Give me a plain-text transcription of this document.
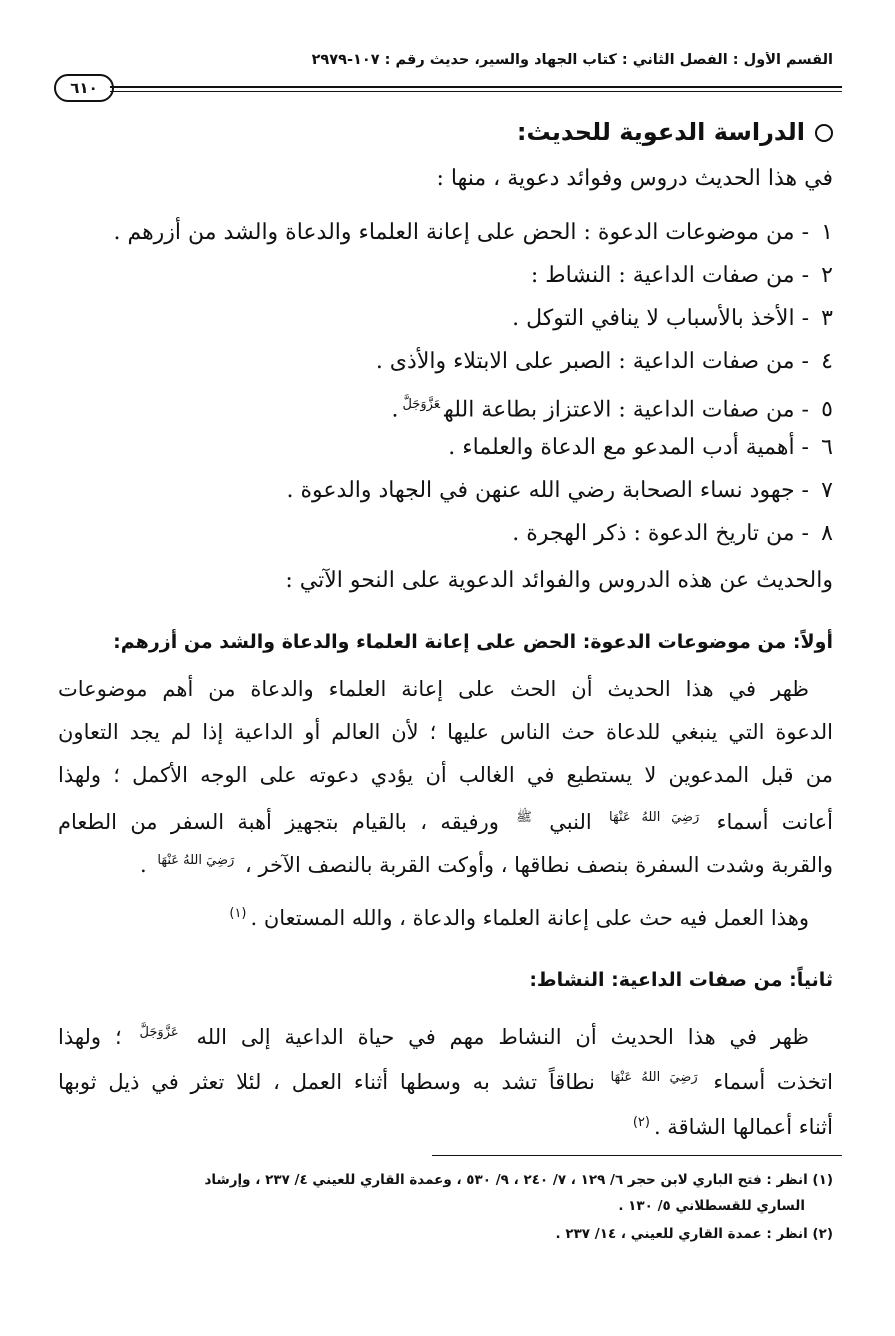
القسم الأول : الفصل الثاني : كتاب الجهاد والسير، حديث رقم : ١٠٧-٢٩٧٩
٦١٠
الدراسة الدعوية للحديث:
في هذا الحديث دروس وفوائد دعوية ، منها :
١- من موضوعات الدعوة : الحض على إعانة العلماء والدعاة والشد من أزرهم .
٢- من صفات الداعية : النشاط :
٣- الأخذ بالأسباب لا ينافي التوكل .
٤- من صفات الداعية : الصبر على الابتلاء والأذى .
٥- من صفات الداعية : الاعتزاز بطاعة الله$^{عَزَّوَجَلَّ}$.
٦- أهمية أدب المدعو مع الدعاة والعلماء .
٧- جهود نساء الصحابة رضي الله عنهن في الجهاد والدعوة .
٨- من تاريخ الدعوة : ذكر الهجرة .
والحديث عن هذه الدروس والفوائد الدعوية على النحو الآتي :
أولاً: من موضوعات الدعوة: الحض على إعانة العلماء والدعاة والشد من أزرهم:
ظهر في هذا الحديث أن الحث على إعانة العلماء والدعاة من أهم موضوعات
الدعوة التي ينبغي للدعاة حث الناس عليها ؛ لأن العالم أو الداعية إذا لم يجد التعاون
من قبل المدعوين لا يستطيع في الغالب أن يؤدي دعوته على الوجه الأكمل ؛ ولهذا
أعانت أسماء $^{رَضِيَ اللهُ عَنْهَا}$ النبي $^ﷺ$ ورفيقه ، بالقيام بتجهيز أهبة السفر من الطعام
والقربة وشدت السفرة بنصف نطاقها ، وأوكت القربة بالنصف الآخر ، $^{رَضِيَ اللهُ عَنْهَا}$ .
وهذا العمل فيه حث على إعانة العلماء والدعاة ، والله المستعان .$^{(١)}$
ثانياً: من صفات الداعية: النشاط:
ظهر في هذا الحديث أن النشاط مهم في حياة الداعية إلى الله $^{عَزَّوَجَلَّ}$ ؛ ولهذا
اتخذت أسماء $^{رَضِيَ اللهُ عَنْهَا}$ نطاقاً تشد به وسطها أثناء العمل ، لئلا تعثر في ذيل ثوبها
أثناء أعمالها الشاقة .$^{(٢)}$
(١) انظر : فتح الباري لابن حجر ٦/ ١٢٩ ، ٧/ ٢٤٠ ، ٩/ ٥٣٠ ، وعمدة القاري للعيني ٤/ ٢٣٧ ، وإرشاد
الساري للقسطلاني ٥/ ١٣٠ .
(٢) انظر : عمدة القاري للعيني ، ١٤/ ٢٣٧ .
